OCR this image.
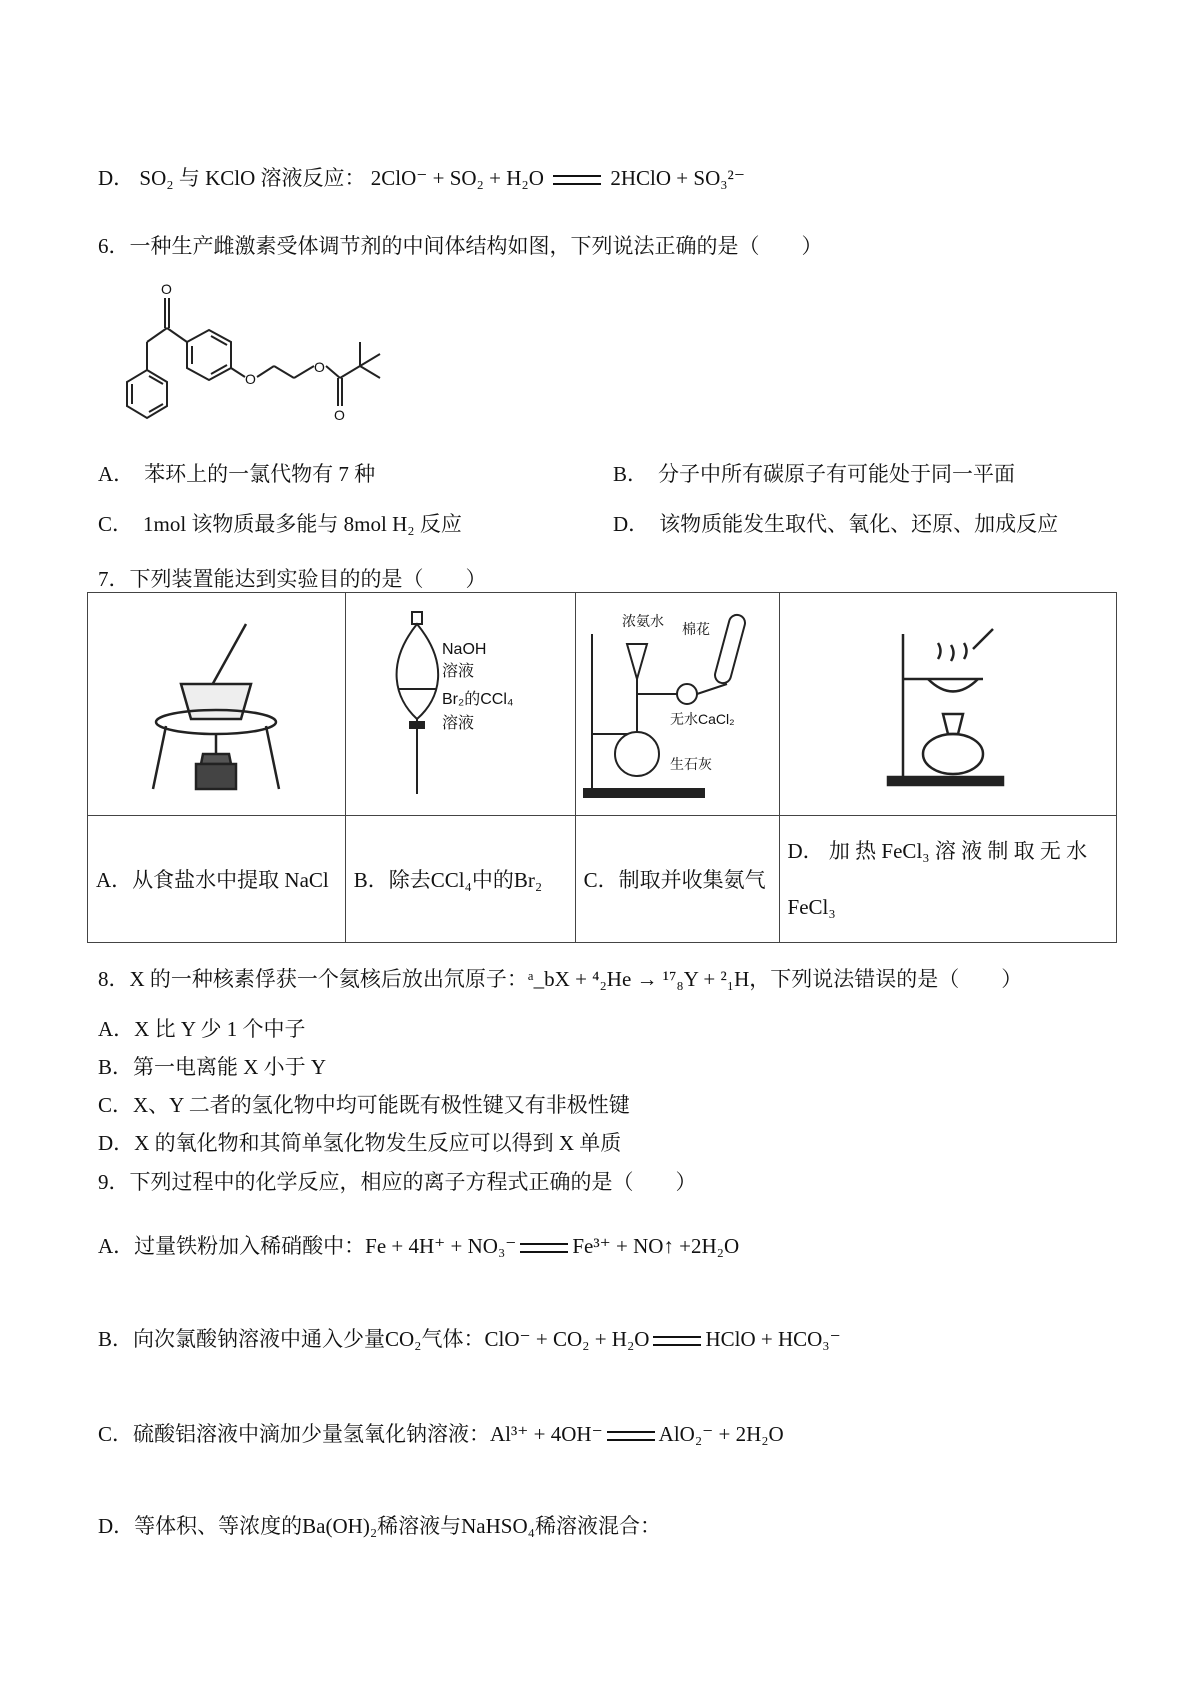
D． SO₂ 与 KClO 溶液反应： 2ClO⁻ + SO₂ + H₂O	2HClO + SO₃²⁻
6．一种生产雌激素受体调节剂的中间体结构如图，下列说法正确的是（　　）
O
O
O
O
A． 苯环上的一氯代物有 7 种	B． 分子中所有碳原子有可能处于同一平面
C． 1mol 该物质最多能与 8mol H₂ 反应	D． 该物质能发生取代、氧化、还原、加成反应
7．下列装置能达到实验目的的是（　　）

NaOH
溶液
Br₂的CCl₄
溶液	浓氨水 棉花
无水CaCl₂
生石灰

A．从食盐水中提取 NaCl	B．除去CCl₄中的Br₂	C．制取并收集氨气	D． 加 热 FeCl₃ 溶 液 制 取 无 水 FeCl₃
8．X 的一种核素俘获一个氦核后放出氘原子：ᵃ_bX + ⁴₂He → ¹⁷₈Y + ²₁H，下列说法错误的是（　　）
A．X 比 Y 少 1 个中子
B．第一电离能 X 小于 Y
C．X、Y 二者的氢化物中均可能既有极性键又有非极性键
D．X 的氧化物和其简单氢化物发生反应可以得到 X 单质
9．下列过程中的化学反应，相应的离子方程式正确的是（　　）
A．过量铁粉加入稀硝酸中：Fe + 4H⁺ + NO₃⁻	Fe³⁺ + NO↑ +2H₂O
B．向次氯酸钠溶液中通入少量CO₂气体：ClO⁻ + CO₂ + H₂O	HClO + HCO₃⁻
C．硫酸铝溶液中滴加少量氢氧化钠溶液：Al³⁺ + 4OH⁻	AlO₂⁻ + 2H₂O
D．等体积、等浓度的Ba(OH)₂稀溶液与NaHSO₄稀溶液混合：
